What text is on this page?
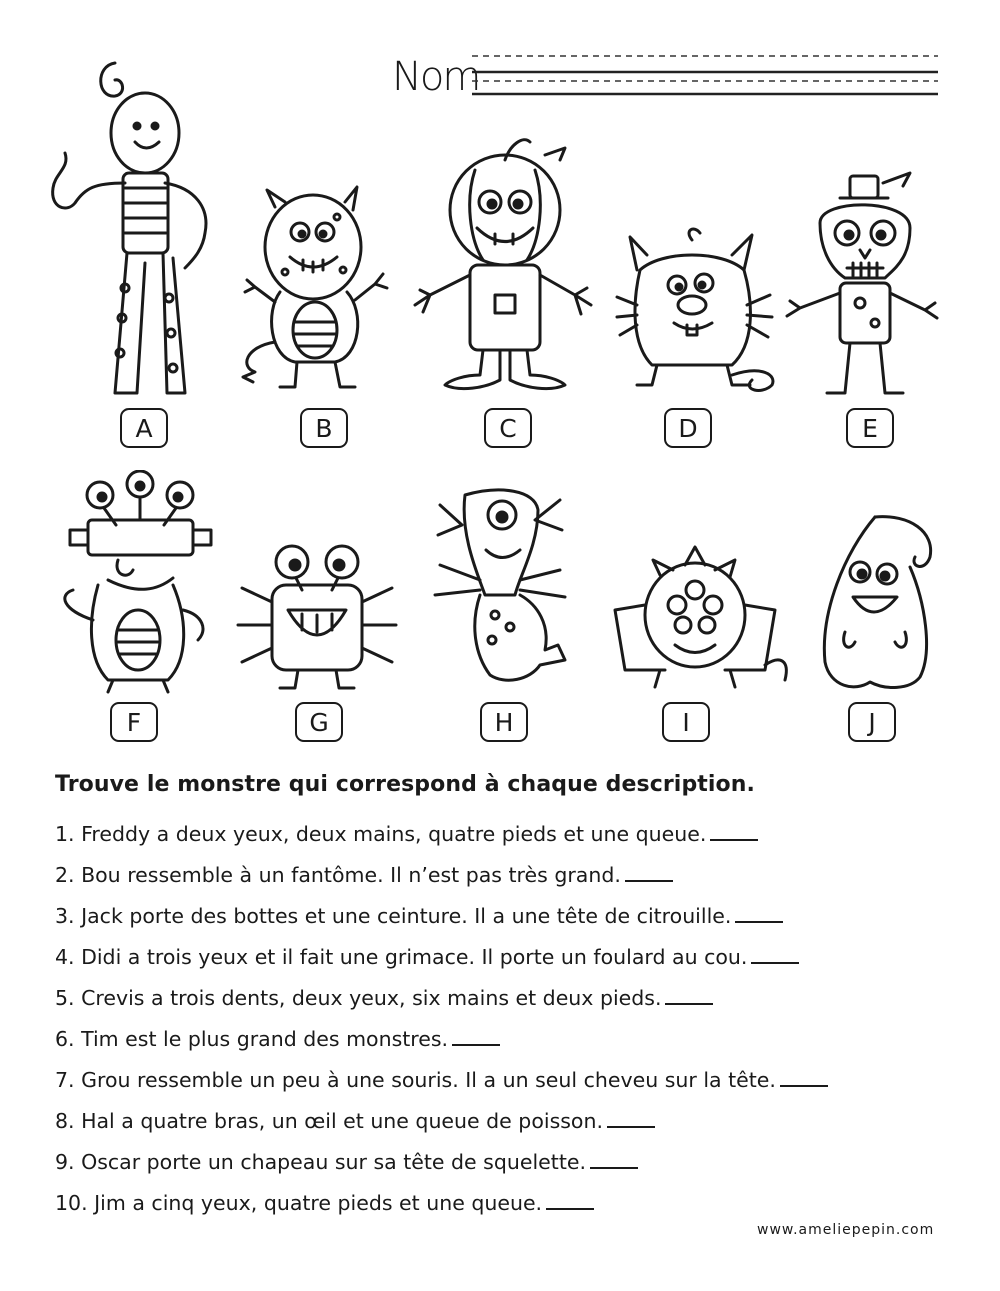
Nom
A	B	C	D	E
F	G	H	I	J
Trouve le monstre qui correspond à chaque description.
1. Freddy a deux yeux, deux mains, quatre pieds et une queue.
2. Bou ressemble à un fantôme. Il n’est pas très grand.
3. Jack porte des bottes et une ceinture. Il a une tête de citrouille.
4. Didi a trois yeux et il fait une grimace. Il porte un foulard au cou.
5. Crevis a trois dents, deux yeux, six mains et deux pieds.
6. Tim est le plus grand des monstres.
7. Grou ressemble un peu à une souris. Il a un seul cheveu sur la tête.
8. Hal a quatre bras, un œil et une queue de poisson.
9. Oscar porte un chapeau sur sa tête de squelette.
10. Jim a cinq yeux, quatre pieds et une queue.
www.ameliepepin.com
